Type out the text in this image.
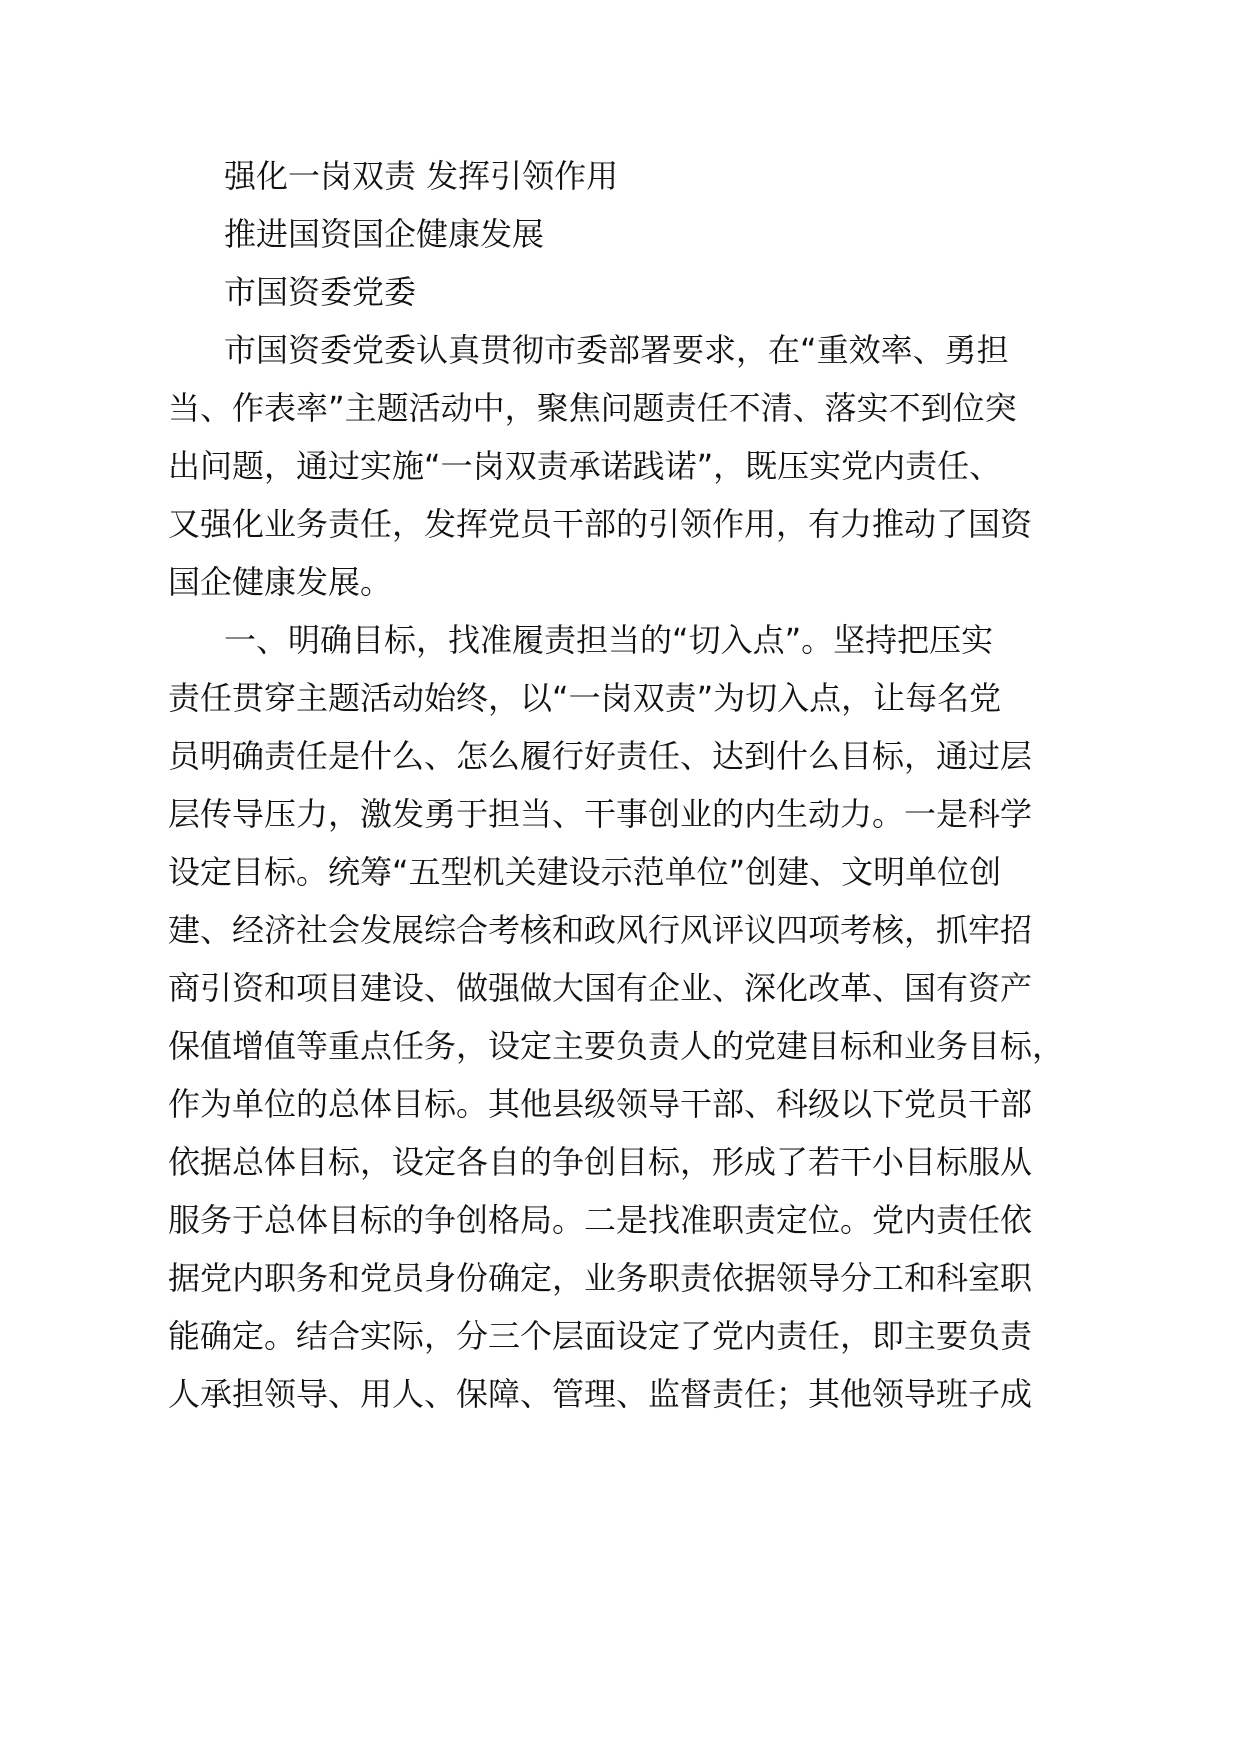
强化一岗双责 发挥引领作用

推进国资国企健康发展

市国资委党委

市国资委党委认真贯彻市委部署要求，在“重效率、勇担

当、作表率”主题活动中，聚焦问题责任不清、落实不到位突

出问题，通过实施“一岗双责承诺践诺”，既压实党内责任、

又强化业务责任，发挥党员干部的引领作用，有力推动了国资

国企健康发展。

一、明确目标，找准履责担当的“切入点”。坚持把压实

责任贯穿主题活动始终，以“一岗双责”为切入点，让每名党

员明确责任是什么、怎么履行好责任、达到什么目标，通过层

层传导压力，激发勇于担当、干事创业的内生动力。一是科学

设定目标。统筹“五型机关建设示范单位”创建、文明单位创

建、经济社会发展综合考核和政风行风评议四项考核，抓牢招

商引资和项目建设、做强做大国有企业、深化改革、国有资产

保值增值等重点任务，设定主要负责人的党建目标和业务目标，

作为单位的总体目标。其他县级领导干部、科级以下党员干部

依据总体目标，设定各自的争创目标，形成了若干小目标服从

服务于总体目标的争创格局。二是找准职责定位。党内责任依

据党内职务和党员身份确定，业务职责依据领导分工和科室职

能确定。结合实际，分三个层面设定了党内责任，即主要负责

人承担领导、用人、保障、管理、监督责任；其他领导班子成
